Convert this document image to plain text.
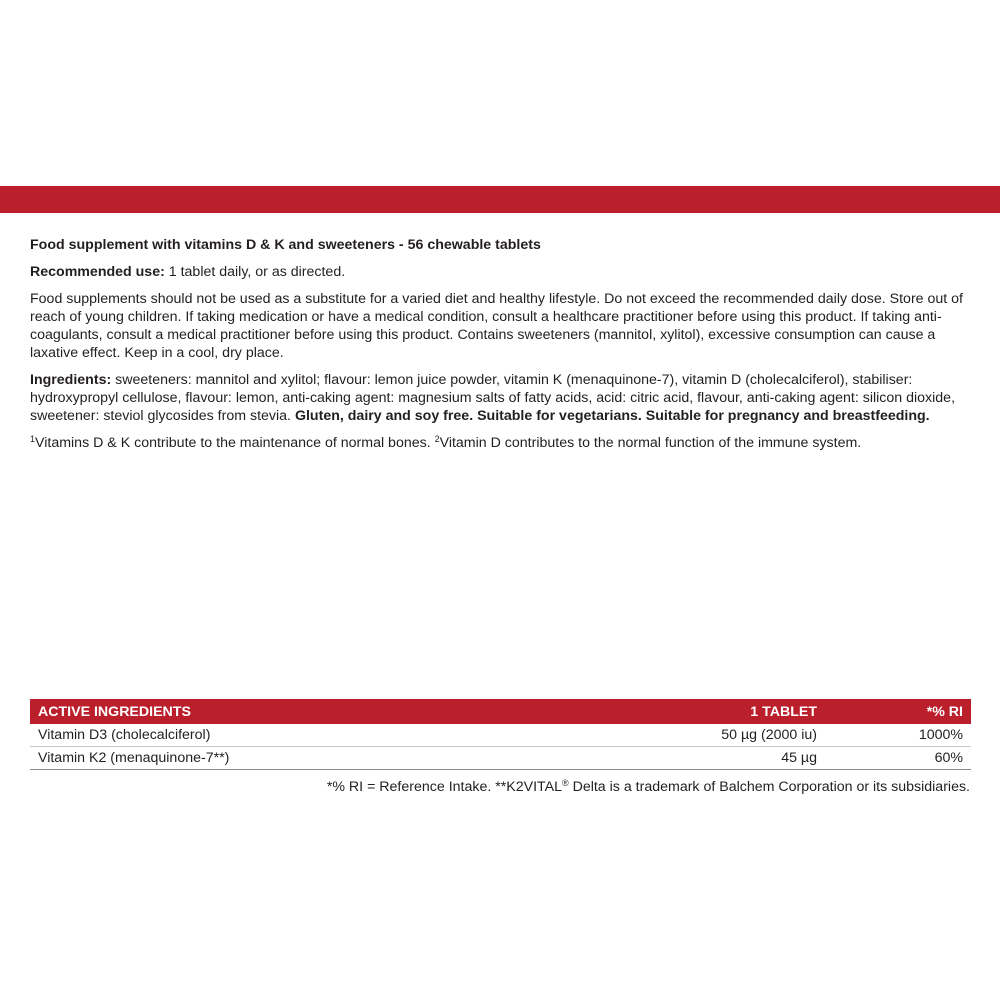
Food supplement with vitamins D & K and sweeteners - 56 chewable tablets

Recommended use: 1 tablet daily, or as directed.

Food supplements should not be used as a substitute for a varied diet and healthy lifestyle. Do not exceed the recommended daily dose. Store out of reach of young children. If taking medication or have a medical condition, consult a healthcare practitioner before using this product. If taking anti-coagulants, consult a medical practitioner before using this product. Contains sweeteners (mannitol, xylitol), excessive consumption can cause a laxative effect. Keep in a cool, dry place.

Ingredients: sweeteners: mannitol and xylitol; flavour: lemon juice powder, vitamin K (menaquinone-7), vitamin D (cholecalciferol), stabiliser: hydroxypropyl cellulose, flavour: lemon, anti-caking agent: magnesium salts of fatty acids, acid: citric acid, flavour, anti-caking agent: silicon dioxide, sweetener: steviol glycosides from stevia. Gluten, dairy and soy free. Suitable for vegetarians. Suitable for pregnancy and breastfeeding.

$^1$Vitamins D & K contribute to the maintenance of normal bones. $^2$Vitamin D contributes to the normal function of the immune system.

ACTIVE INGREDIENTS	1 TABLET	*% RI
Vitamin D3 (cholecalciferol)	50 µg (2000 iu)	1000%
Vitamin K2 (menaquinone-7**)	45 µg	60%
*% RI = Reference Intake. **K2VITAL® Delta is a trademark of Balchem Corporation or its subsidiaries.
